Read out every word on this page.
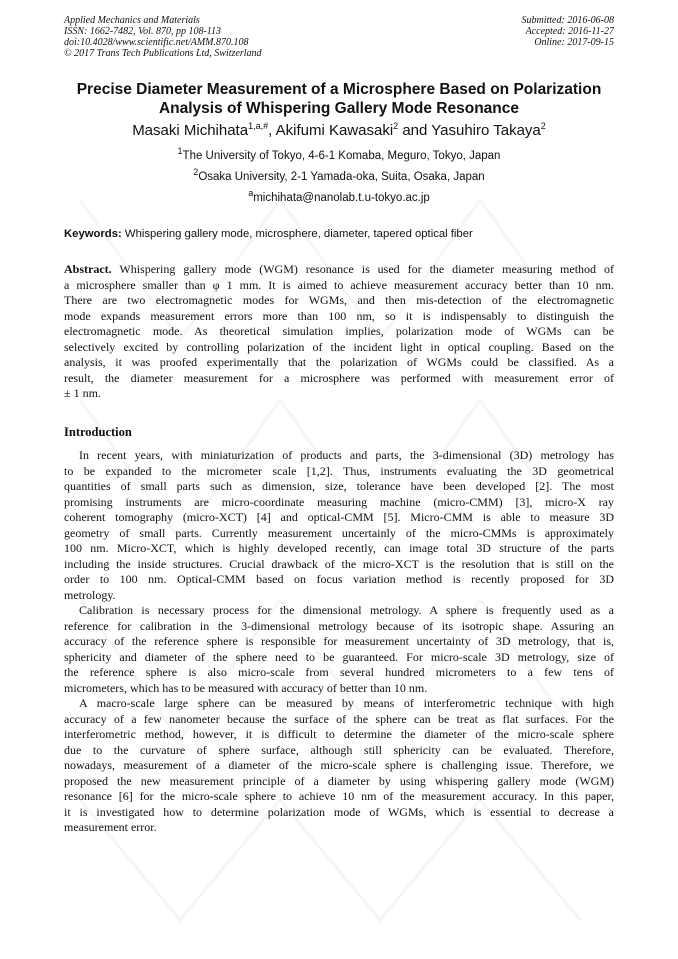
Applied Mechanics and Materials
ISSN: 1662-7482, Vol. 870, pp 108-113
doi:10.4028/www.scientific.net/AMM.870.108
© 2017 Trans Tech Publications Ltd, Switzerland
Submitted: 2016-06-08
Accepted: 2016-11-27
Online: 2017-09-15
Precise Diameter Measurement of a Microsphere Based on Polarization
Analysis of Whispering Gallery Mode Resonance
Masaki Michihata$^{1,a,\#}$, Akifumi Kawasaki$^2$ and Yasuhiro Takaya$^2$
$^1$The University of Tokyo, 4-6-1 Komaba, Meguro, Tokyo, Japan
$^2$Osaka University, 2-1 Yamada-oka, Suita, Osaka, Japan
$^a$michihata@nanolab.t.u-tokyo.ac.jp
Keywords: Whispering gallery mode, microsphere, diameter, tapered optical fiber
Abstract. Whispering gallery mode (WGM) resonance is used for the diameter measuring method of
a microsphere smaller than φ 1 mm. It is aimed to achieve measurement accuracy better than 10 nm.
There are two electromagnetic modes for WGMs, and then mis-detection of the electromagnetic
mode expands measurement errors more than 100 nm, so it is indispensably to distinguish the
electromagnetic mode. As theoretical simulation implies, polarization mode of WGMs can be
selectively excited by controlling polarization of the incident light in optical coupling. Based on the
analysis, it was proofed experimentally that the polarization of WGMs could be classified. As a
result, the diameter measurement for a microsphere was performed with measurement error of
± 1 nm.
Introduction
In recent years, with miniaturization of products and parts, the 3-dimensional (3D) metrology has
to be expanded to the micrometer scale [1,2]. Thus, instruments evaluating the 3D geometrical
quantities of small parts such as dimension, size, tolerance have been developed [2]. The most
promising instruments are micro-coordinate measuring machine (micro-CMM) [3], micro-X ray
coherent tomography (micro-XCT) [4] and optical-CMM [5]. Micro-CMM is able to measure 3D
geometry of small parts. Currently measurement uncertainly of the micro-CMMs is approximately
100 nm. Micro-XCT, which is highly developed recently, can image total 3D structure of the parts
including the inside structures. Crucial drawback of the micro-XCT is the resolution that is still on the
order to 100 nm. Optical-CMM based on focus variation method is recently proposed for 3D
metrology.
Calibration is necessary process for the dimensional metrology. A sphere is frequently used as a
reference for calibration in the 3-dimensional metrology because of its isotropic shape. Assuring an
accuracy of the reference sphere is responsible for measurement uncertainty of 3D metrology, that is,
sphericity and diameter of the sphere need to be guaranteed. For micro-scale 3D metrology, size of
the reference sphere is also micro-scale from several hundred micrometers to a few tens of
micrometers, which has to be measured with accuracy of better than 10 nm.
A macro-scale large sphere can be measured by means of interferometric technique with high
accuracy of a few nanometer because the surface of the sphere can be treat as flat surfaces. For the
interferometric method, however, it is difficult to determine the diameter of the micro-scale sphere
due to the curvature of sphere surface, although still sphericity can be evaluated. Therefore,
nowadays, measurement of a diameter of the micro-scale sphere is challenging issue. Therefore, we
proposed the new measurement principle of a diameter by using whispering gallery mode (WGM)
resonance [6] for the micro-scale sphere to achieve 10 nm of the measurement accuracy. In this paper,
it is investigated how to determine polarization mode of WGMs, which is essential to decrease a
measurement error.
